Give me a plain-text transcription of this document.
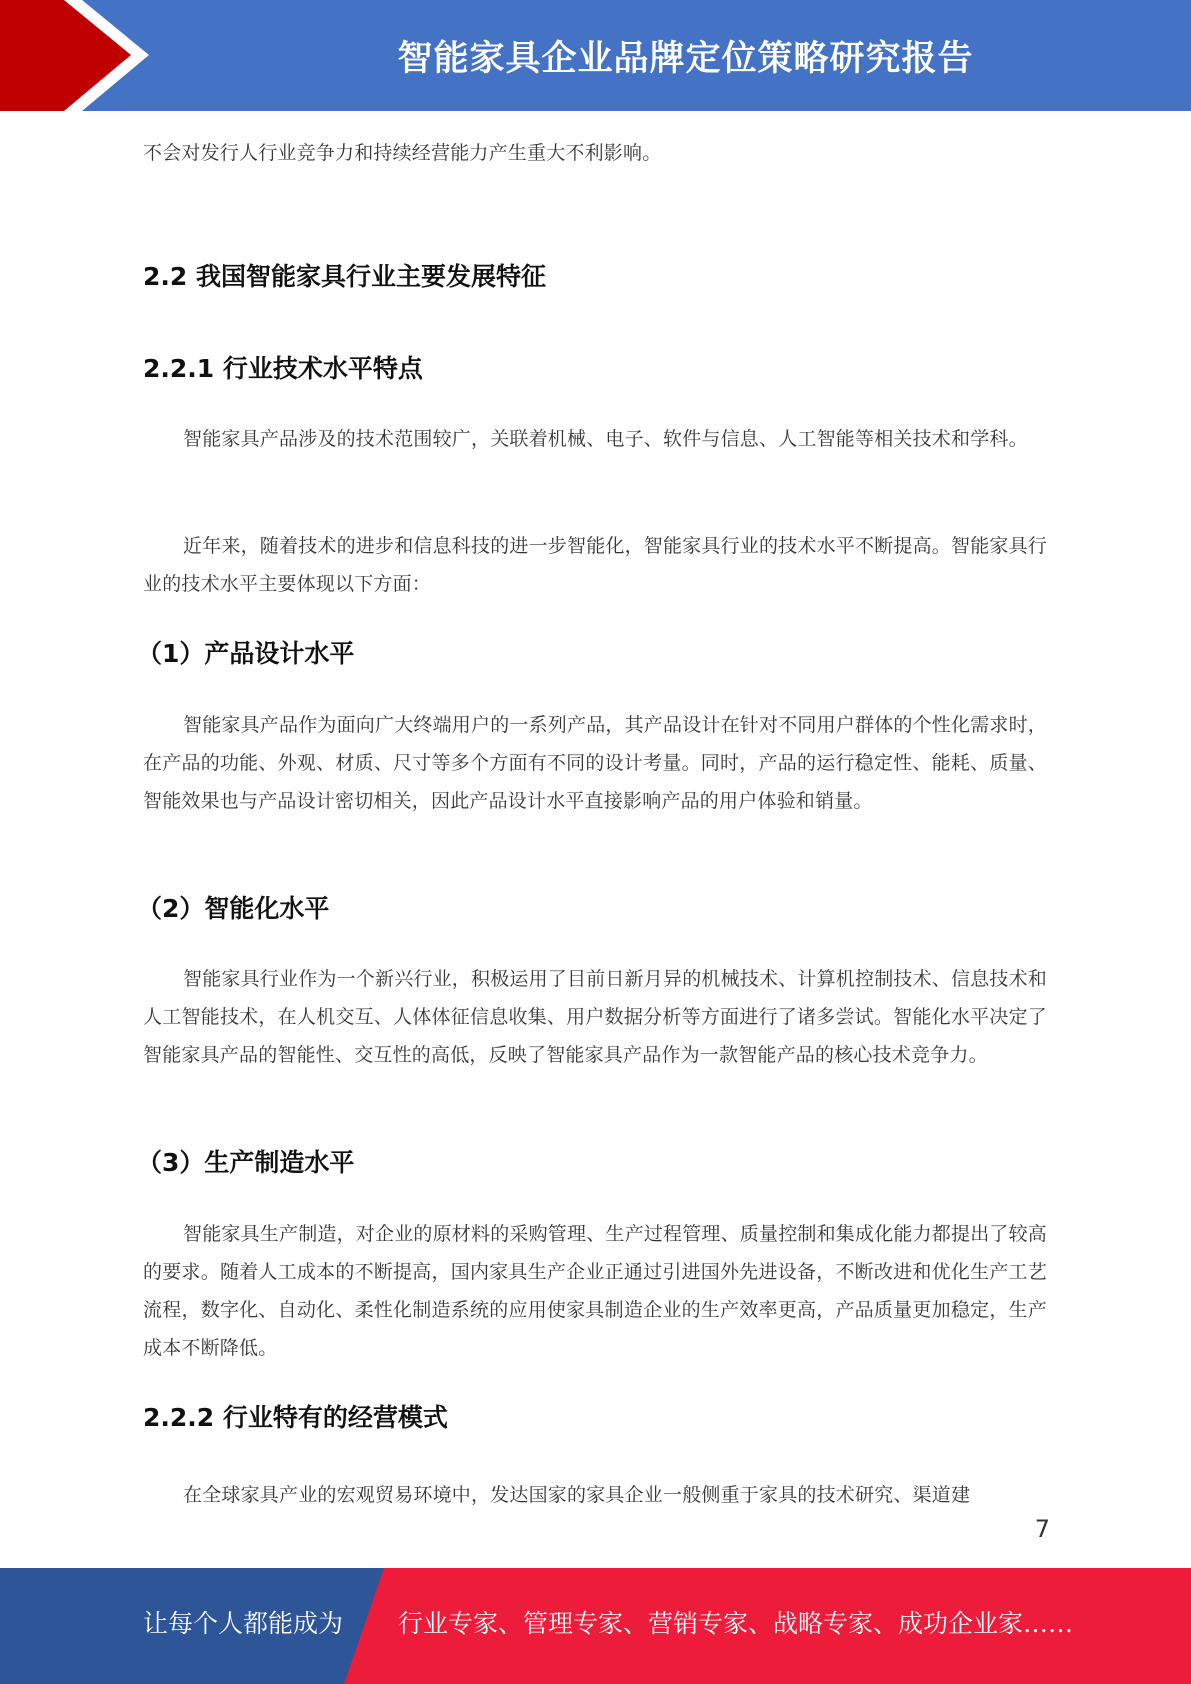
智能家具企业品牌定位策略研究报告
不会对发行人行业竞争力和持续经营能力产生重大不利影响。
2.2 我国智能家具行业主要发展特征
2.2.1 行业技术水平特点
智能家具产品涉及的技术范围较广，关联着机械、电子、软件与信息、人工智能等相关技术和学科。
近年来，随着技术的进步和信息科技的进一步智能化，智能家具行业的技术水平不断提高。智能家具行业的技术水平主要体现以下方面：
（1）产品设计水平
智能家具产品作为面向广大终端用户的一系列产品，其产品设计在针对不同用户群体的个性化需求时，在产品的功能、外观、材质、尺寸等多个方面有不同的设计考量。同时，产品的运行稳定性、能耗、质量、智能效果也与产品设计密切相关，因此产品设计水平直接影响产品的用户体验和销量。
（2）智能化水平
智能家具行业作为一个新兴行业，积极运用了目前日新月异的机械技术、计算机控制技术、信息技术和人工智能技术，在人机交互、人体体征信息收集、用户数据分析等方面进行了诸多尝试。智能化水平决定了智能家具产品的智能性、交互性的高低，反映了智能家具产品作为一款智能产品的核心技术竞争力。
（3）生产制造水平
智能家具生产制造，对企业的原材料的采购管理、生产过程管理、质量控制和集成化能力都提出了较高的要求。随着人工成本的不断提高，国内家具生产企业正通过引进国外先进设备，不断改进和优化生产工艺流程，数字化、自动化、柔性化制造系统的应用使家具制造企业的生产效率更高，产品质量更加稳定，生产成本不断降低。
2.2.2 行业特有的经营模式
在全球家具产业的宏观贸易环境中，发达国家的家具企业一般侧重于家具的技术研究、渠道建
7
让每个人都能成为 行业专家、管理专家、营销专家、战略专家、成功企业家……
